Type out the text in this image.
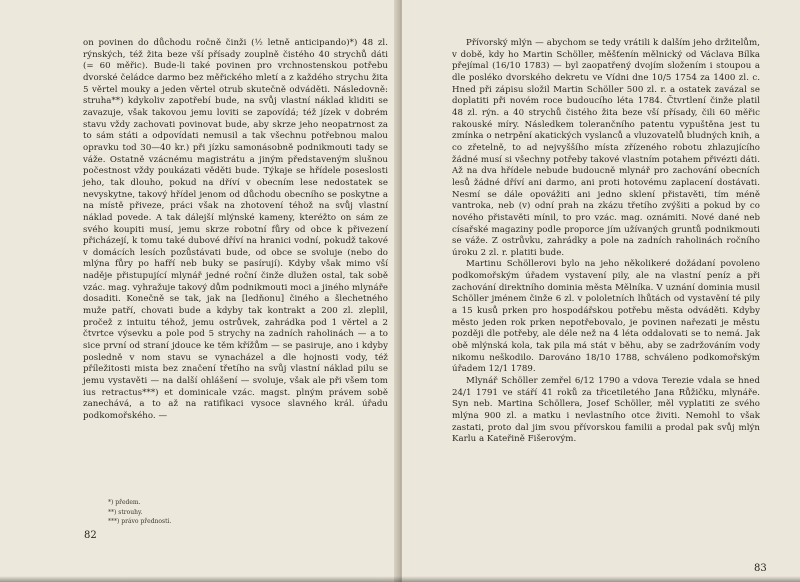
on povinen do důchodu ročně činži (½ letně anticipando)*) 48 zl. rýnských, též žita beze vší přísady zouplně čistého 40 strychů dáti (= 60 měřic). Bude-li také povinen pro vrchnostenskou potřebu dvorské čeládce darmo bez měřického mletí a z každého strychu žita 5 věrtel mouky a jeden věrtel otrub skutečně odváděti. Následovně: struha**) kdykoliv zapotřebí bude, na svůj vlastní náklad kliditi se zavazuje, však takovou jemu loviti se zapovídá; též jízek v dobrém stavu vždy zachovati povinovat bude, aby skrze jeho neopatrnost za to sám státi a odpovídati nemusil a tak všechnu potřebnou malou opravku tod 30—40 kr.) při jízku samonásobně podnikmouti tady se váže. Ostatně vzácnému magistrátu a jiným představeným slušnou počestnost vždy poukázati věděti bude. Týkaje se hřídele poseslosti jeho, tak dlouho, pokud na dříví v obecním lese nedostatek se nevyskytne, takový hřídel jenom od důchodu obecního se poskytne a na místě přiveze, práci však na zhotovení téhož na svůj vlastní náklad povede. A tak dálejší mlýnské kameny, kteréžto on sám ze svého koupiti musí, jemu skrze robotní fůry od obce k přivezení přicházejí, k tomu také dubové dříví na hranici vodní, pokudž takové v domácích lesích pozůstávati bude, od obce se svoluje (nebo do mlýna fůry po hafří neb buky se pasírují). Kdyby však mimo vší naděje přistupující mlynář jedné roční činže dlužen ostal, tak sobě vzác. mag. vyhražuje takový dům podnikmouti moci a jiného mlynáře dosaditi. Konečně se tak, jak na [ledňonu] činého a šlechetného muže patří, chovati bude a kdyby tak kontrakt a 200 zl. zleplil, pročež z intuitu téhož, jemu ostrůvek, zahrádka pod 1 věrtel a 2 čtvrtce výsevku a pole pod 5 strychy na zadních raholinách — a to sice první od straní jdouce ke těm křížům — se pasiruje, ano i kdyby posledně v nom stavu se vynacházel a dle hojnosti vody, též příležitosti mista bez značení třetího na svůj vlastní náklad pilu se jemu vystavěti — na další ohlášení — svoluje, však ale při všem tom ius retractus***) et dominicale vzác. magst. plným právem sobě zanechává, a to až na ratifikaci vysoce slavného král. úřadu podkomořského. —

*) předem.
**) strouhy.
***) právo přednosti.
82

Přívorský mlýn — abychom se tedy vrátili k dalším jeho držitelům, v době, kdy ho Martin Schöller, měšťenín mělnický od Václava Bílka přejímal (16/10 1783) — byl zaopatřený dvojím složením i stoupou a dle posléko dvorského dekretu ve Vídni dne 10/5 1754 za 1400 zl. c. Hned při zápisu složil Martin Schöller 500 zl. r. a ostatek zavázal se doplatiti při novém roce budoucího léta 1784. Čtvrtlení činže platil 48 zl. rýn. a 40 strychů čistého žita beze vší přísady, čili 60 měřic rakouské míry. Následkem tolerančního patentu vypuštěna jest tu zmínka o netrpění akatických vyslanců a vluzovatelů bludných knih, a co zřetelně, to ad nejvyššího místa zřízeného robotu zhlazujícího žádné musí si všechny potřeby takové vlastním potahem přivézti dáti. Až na dva hřídele nebude budoucně mlynář pro zachování obecních lesů žádné dříví ani darmo, ani proti hotovému zaplacení dostávati. Nesmí se dále opovážiti ani jedno sklení přistavěti, tím méně vantroka, neb (v) odní prah na zkázu třetího zvýšiti a pokud by co nového přistavěti mínil, to pro vzác. mag. oznámiti. Nové dané neb císařské magaziny podle proporce jím užívaných gruntů podnikmouti se váže. Z ostrůvku, zahrádky a pole na zadních raholinách ročního úroku 2 zl. r. platiti bude.

Martinu Schöllerovi bylo na jeho několikeré dožádaní povoleno podkomořským úřadem vystavení pily, ale na vlastní peníz a při zachování direktního dominia města Mělníka. V uznání dominia musil Schöller jménem činže 6 zl. v pololetních lhůtách od vystavění té pily a 15 kusů prken pro hospodářskou potřebu města odváděti. Kdyby město jeden rok prken nepotřebovalo, je povinen nařezati je městu později dle potřeby, ale déle než na 4 léta oddalovati se to nemá. Jak obě mlýnská kola, tak pila má stát v běhu, aby se zadržováním vody nikomu neškodilo. Darováno 18/10 1788, schváleno podkomořským úřadem 12/1 1789.

Mlynář Schöller zemřel 6/12 1790 a vdova Terezie vdala se hned 24/1 1791 ve stáří 41 roků za třicetiletého Jana Růžičku, mlynáře. Syn neb. Martina Schöllera, Josef Schöller, měl vyplatiti ze svého mlýna 900 zl. a matku i nevlastního otce živiti. Nemohl to však zastati, proto dal jim svou přívorskou familii a prodal pak svůj mlýn Karlu a Kateřině Fišerovým.

83
